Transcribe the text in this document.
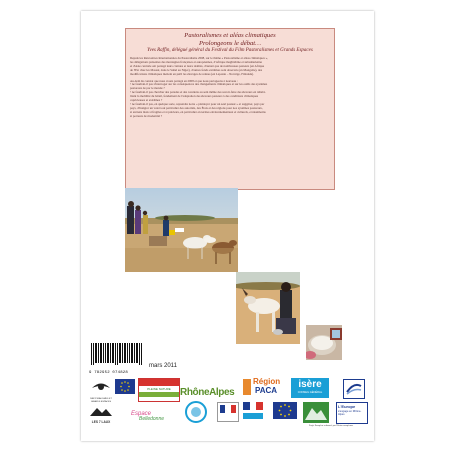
Pastoralismes et aléas climatiques
Prolongeons le débat…
Yves Raffin, délégué général du Festival du Film Pastoralismes et Grands Espaces
Depuis les Rencontres Internationales du Pastoralisme 2008, sur le thème « Pastoralisme et aléas climatiques »,
les délégations présentes des montagnes françaises et européennes, d'Afrique maghrébine et subsaharienne
et d'Asie centrale ont partagé leurs craintes et leurs réalités, d'autant que de nombreuses pasteurs (en Afrique
de l'Est chez les Massaï, dans le Sahel au Niger), d'autres fonds extrêmes sont observés (en Mongolie), des
modifications climatiques mettent en péril les élevages de rennes (en Laponie – Norvège, Finlande).
Au-delà du constat que nous avons partagé en 2008 et que nous partageons à nouveau :
• ne faudrait-il pas s'interroger sur les conséquences des changements climatiques et sur les outils des systèmes
pastoraux de par le monde ?
• ne faudrait-il pas chercher des parades et des rotations au sein même des savoir-faire des éleveurs en réhabi-
litant la mobilité du bétail, fondement de l'adaptation des éleveurs pasteurs à des conditions climatiques
capricieuses et extrêmes ?
• ne faudrait-il pas, en quelque sorte, reprendre notre « plaidoyer pour un seul pasteur » et suggérer, pays par
pays, d'intégrer un volet tout particulier des autorités, des États et des régions pour nos systèmes pastoraux,
si anciens mais si fragiles et si précieux, en particulier en termes environnementaux et culturels, et néanmoins
si porteurs de modernité ?
9 782952 074828
mars 2011
PASTORALISMES ET GRANDS ESPACES
PLEINE NATURE RhôneAlpes
Région
PACA
isère
CONSEIL GÉNÉRAL
LES 7 LAUX
Espace
Belledonne
L'Europe
s'engage en Rhône-Alpes
Projet Européen cofinancé par l'Union européenne
